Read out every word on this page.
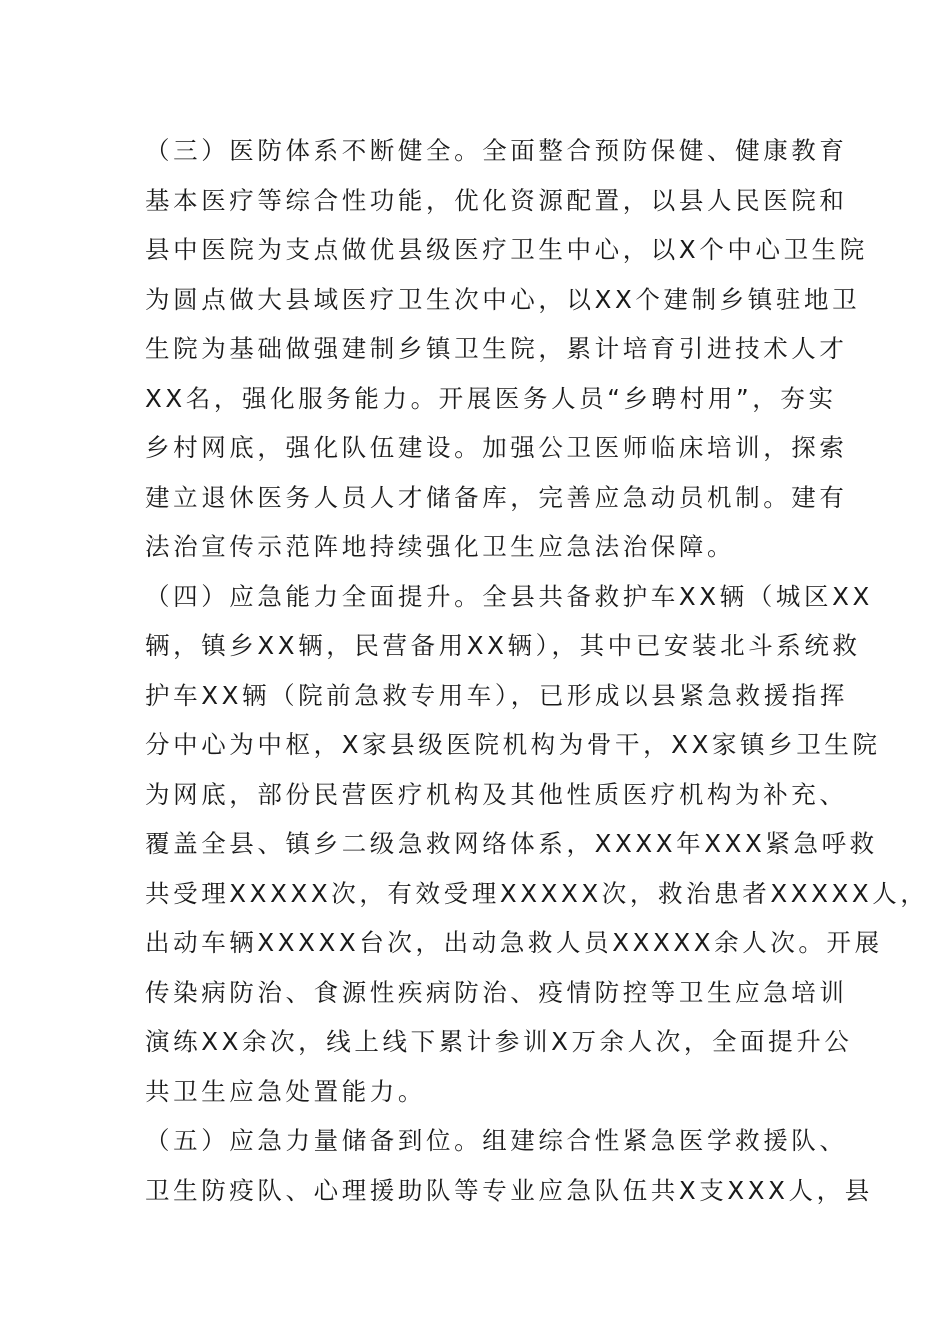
（三）医防体系不断健全。全面整合预防保健、健康教育

基本医疗等综合性功能，优化资源配置，以县人民医院和

县中医院为支点做优县级医疗卫生中心，以X个中心卫生院

为圆点做大县域医疗卫生次中心，以XX个建制乡镇驻地卫

生院为基础做强建制乡镇卫生院，累计培育引进技术人才

XX名，强化服务能力。开展医务人员“乡聘村用”，夯实

乡村网底，强化队伍建设。加强公卫医师临床培训，探索

建立退休医务人员人才储备库，完善应急动员机制。建有

法治宣传示范阵地持续强化卫生应急法治保障。

（四）应急能力全面提升。全县共备救护车XX辆（城区XX

辆，镇乡XX辆，民营备用XX辆），其中已安装北斗系统救

护车XX辆（院前急救专用车），已形成以县紧急救援指挥

分中心为中枢，X家县级医院机构为骨干，XX家镇乡卫生院

为网底，部份民营医疗机构及其他性质医疗机构为补充、

覆盖全县、镇乡二级急救网络体系，XXXX年XXX紧急呼救

共受理XXXXX次，有效受理XXXXX次，救治患者XXXXX人，

出动车辆XXXXX台次，出动急救人员XXXXX余人次。开展

传染病防治、食源性疾病防治、疫情防控等卫生应急培训

演练XX余次，线上线下累计参训X万余人次，全面提升公

共卫生应急处置能力。

（五）应急力量储备到位。组建综合性紧急医学救援队、

卫生防疫队、心理援助队等专业应急队伍共X支XXX人，县
